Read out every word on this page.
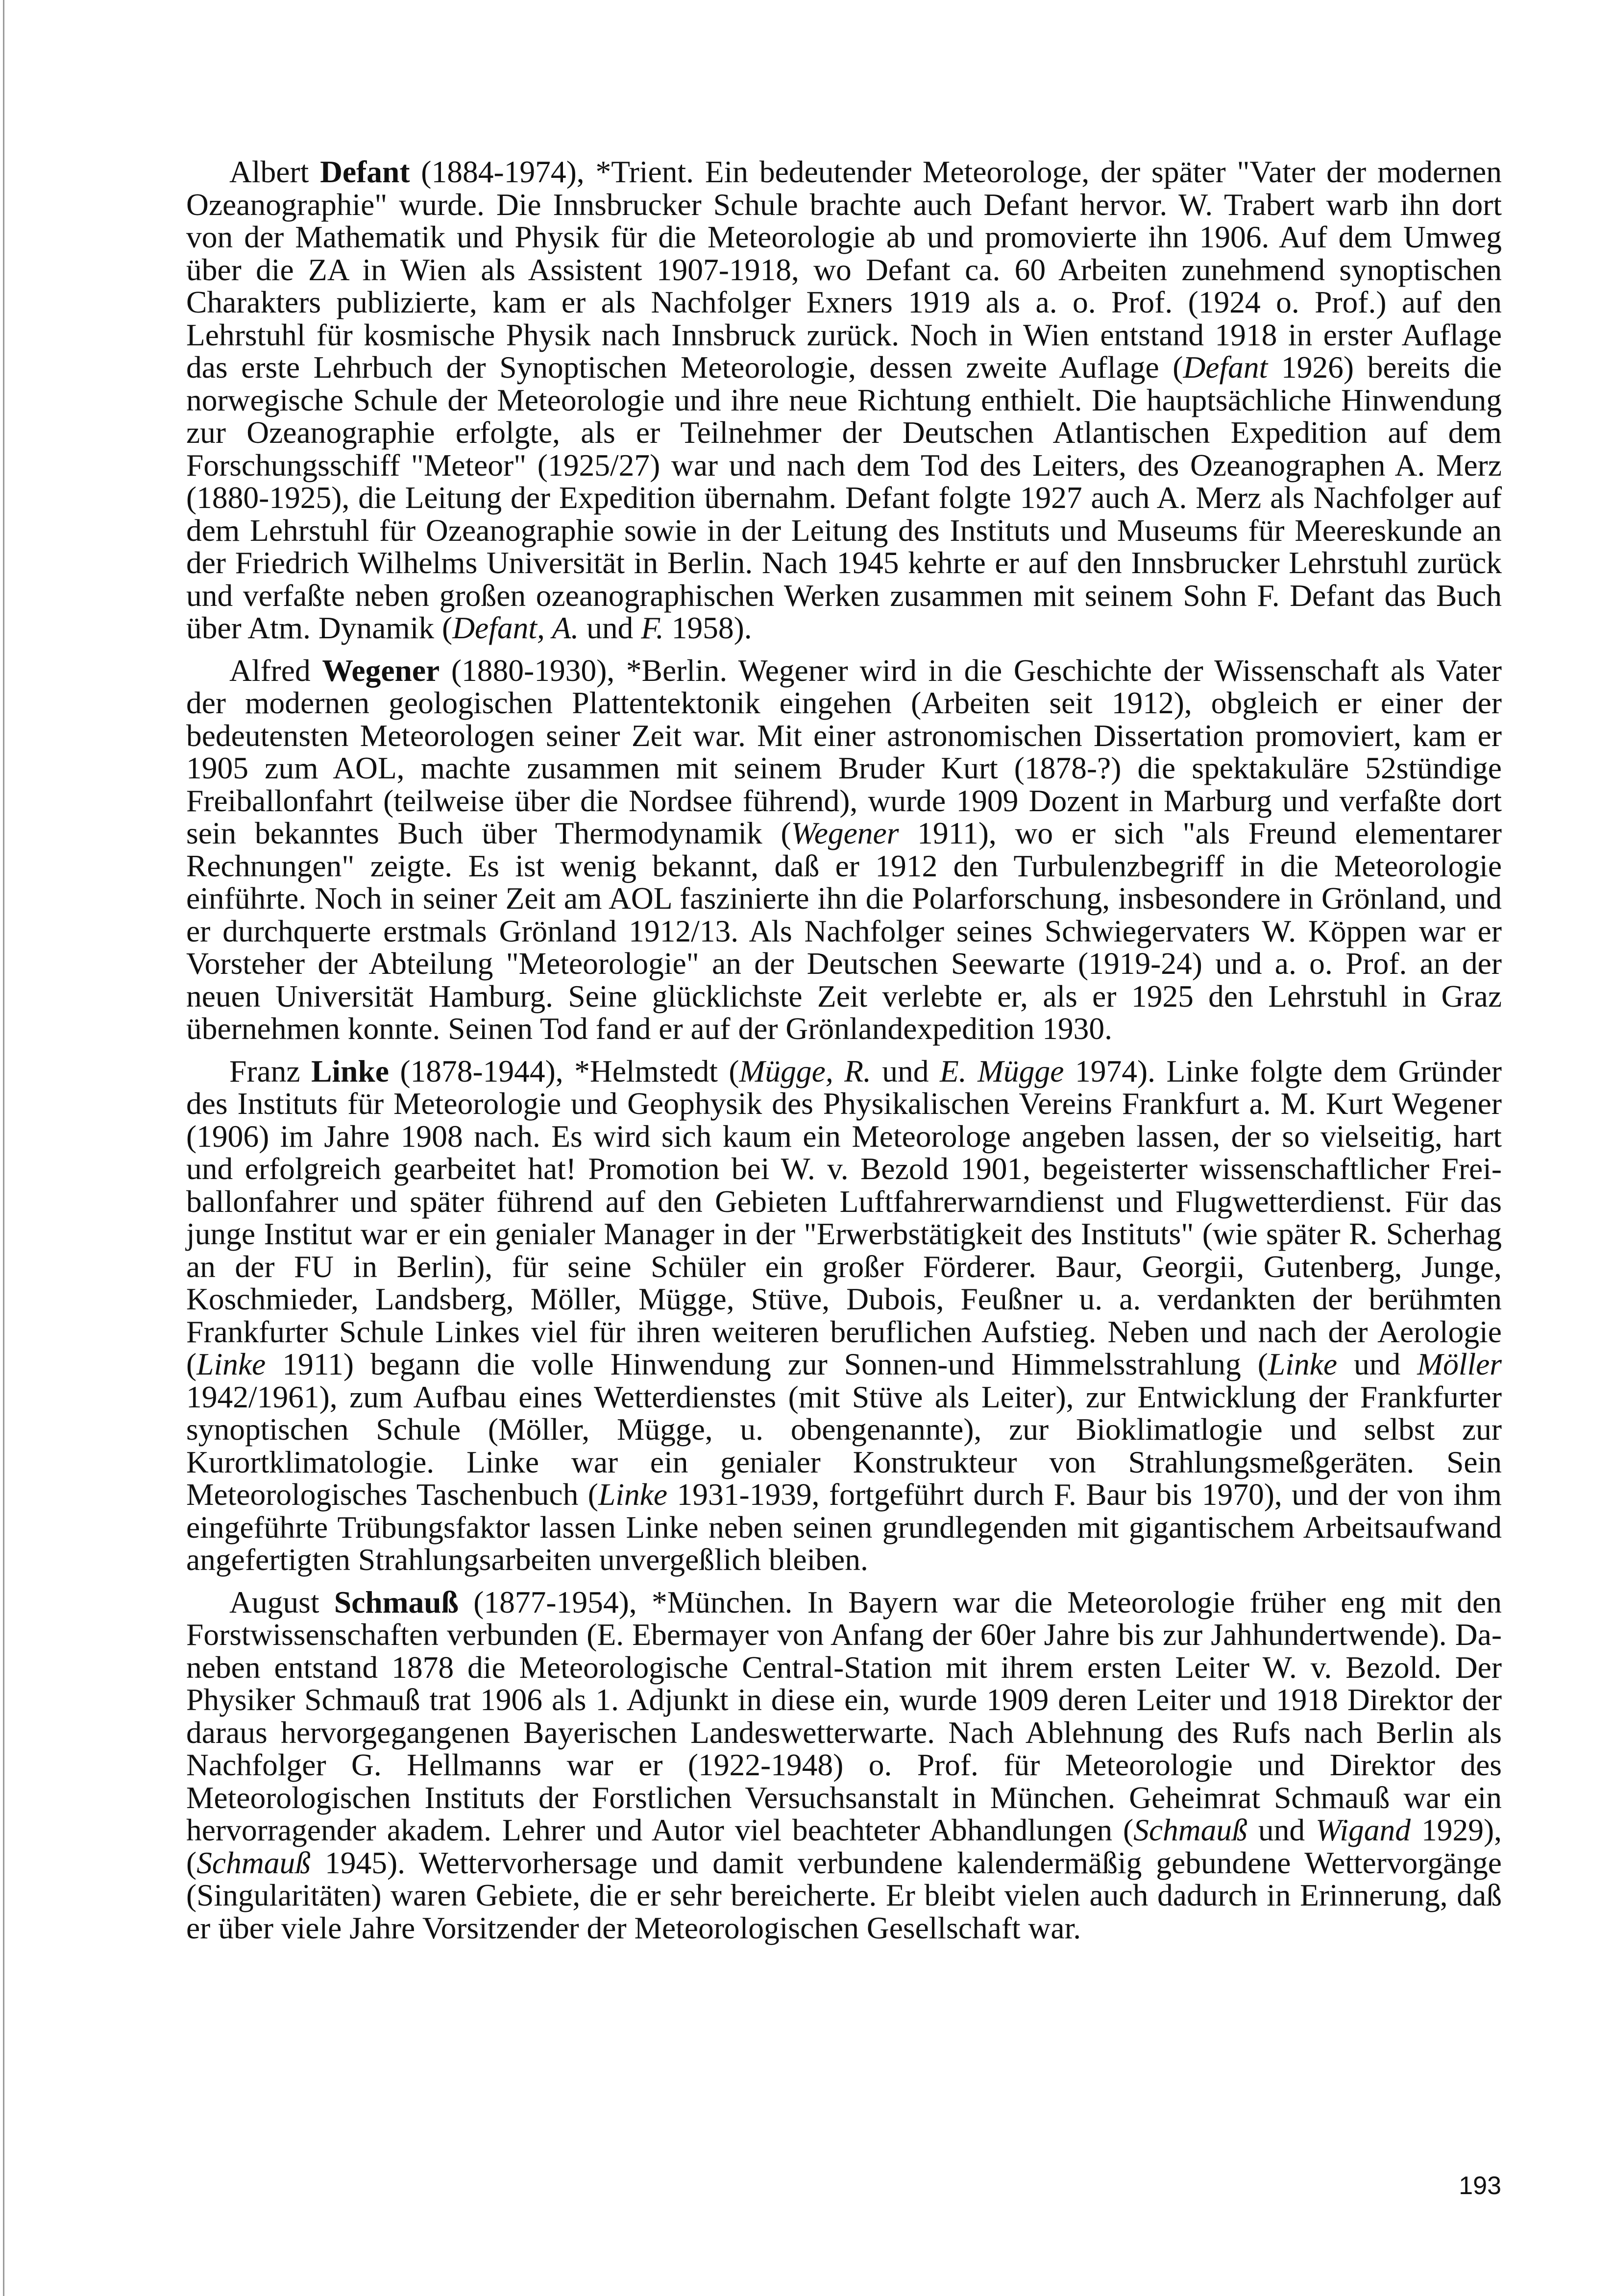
Albert Defant (1884-1974), *Trient. Ein bedeutender Meteorologe, der später "Vater der modernen Ozeanographie" wurde. Die Innsbrucker Schule brachte auch Defant hervor. W. Trabert warb ihn dort von der Mathematik und Physik für die Meteorologie ab und promovierte ihn 1906. Auf dem Umweg über die ZA in Wien als Assistent 1907-1918, wo Defant ca. 60 Arbeiten zunehmend synoptischen Charakters publizierte, kam er als Nachfolger Exners 1919 als a. o. Prof. (1924 o. Prof.) auf den Lehrstuhl für kosmische Physik nach Innsbruck zurück. Noch in Wien entstand 1918 in erster Auflage das erste Lehrbuch der Synoptischen Meteorologie, dessen zweite Auflage (Defant 1926) bereits die norwegische Schule der Meteorologie und ihre neue Richtung enthielt. Die hauptsächliche Hinwendung zur Ozeanographie erfolgte, als er Teilnehmer der Deutschen Atlantischen Expedition auf dem Forschungsschiff "Meteor" (1925/27) war und nach dem Tod des Leiters, des Ozeanographen A. Merz (1880-1925), die Leitung der Expedition übernahm. Defant folgte 1927 auch A. Merz als Nachfolger auf dem Lehrstuhl für Ozeanographie sowie in der Leitung des Instituts und Museums für Meereskunde an der Friedrich Wilhelms Universität in Berlin. Nach 1945 kehrte er auf den Innsbrucker Lehrstuhl zurück und verfaßte neben großen ozeanographischen Werken zusammen mit seinem Sohn F. Defant das Buch über Atm. Dynamik (Defant, A. und F. 1958).

Alfred Wegener (1880-1930), *Berlin. Wegener wird in die Geschichte der Wissenschaft als Vater der modernen geologischen Plattentektonik eingehen (Arbeiten seit 1912), obgleich er einer der bedeutensten Meteorologen seiner Zeit war. Mit einer astronomischen Dissertation promoviert, kam er 1905 zum AOL, machte zusammen mit seinem Bruder Kurt (1878-?) die spektakuläre 52stündige Freiballonfahrt (teilweise über die Nordsee führend), wurde 1909 Dozent in Marburg und verfaßte dort sein bekanntes Buch über Thermodynamik (Wegener 1911), wo er sich "als Freund elementarer Rechnungen" zeigte. Es ist wenig bekannt, daß er 1912 den Turbulenzbegriff in die Meteorologie einführte. Noch in seiner Zeit am AOL faszinierte ihn die Polarforschung, insbesondere in Grönland, und er durchquerte erstmals Grönland 1912/13. Als Nachfolger seines Schwiegervaters W. Köppen war er Vorsteher der Abteilung "Meteorologie" an der Deutschen Seewarte (1919-24) und a. o. Prof. an der neuen Universität Hamburg. Seine glücklichste Zeit verlebte er, als er 1925 den Lehrstuhl in Graz übernehmen konnte. Seinen Tod fand er auf der Grönlandexpedition 1930.

Franz Linke (1878-1944), *Helmstedt (Mügge, R. und E. Mügge 1974). Linke folgte dem Gründer des Instituts für Meteorologie und Geophysik des Physikalischen Vereins Frankfurt a. M. Kurt Wegener (1906) im Jahre 1908 nach. Es wird sich kaum ein Meteorologe angeben lassen, der so vielseitig, hart und erfolgreich gearbeitet hat! Promotion bei W. v. Bezold 1901, begeisterter wissenschaftlicher Freiballonfahrer und später führend auf den Gebieten Luftfahrerwarndienst und Flugwetterdienst. Für das junge Institut war er ein genialer Manager in der "Erwerbstätigkeit des Instituts" (wie später R. Scherhag an der FU in Berlin), für seine Schüler ein großer Förderer. Baur, Georgii, Gutenberg, Junge, Koschmieder, Landsberg, Möller, Mügge, Stüve, Dubois, Feußner u. a. verdankten der berühmten Frankfurter Schule Linkes viel für ihren weiteren beruflichen Aufstieg. Neben und nach der Aerologie (Linke 1911) begann die volle Hinwendung zur Sonnen-und Himmelsstrahlung (Linke und Möller 1942/1961), zum Aufbau eines Wetterdienstes (mit Stüve als Leiter), zur Entwicklung der Frankfurter synoptischen Schule (Möller, Mügge, u. obengenannte), zur Bioklimatlogie und selbst zur Kurortklimatologie. Linke war ein genialer Konstrukteur von Strahlungsmeßgeräten. Sein Meteorologisches Taschenbuch (Linke 1931-1939, fortgeführt durch F. Baur bis 1970), und der von ihm eingeführte Trübungsfaktor lassen Linke neben seinen grundlegenden mit gigantischem Arbeitsaufwand angefertigten Strahlungsarbeiten unvergeßlich bleiben.

August Schmauß (1877-1954), *München. In Bayern war die Meteorologie früher eng mit den Forstwissenschaften verbunden (E. Ebermayer von Anfang der 60er Jahre bis zur Jahhundertwende). Daneben entstand 1878 die Meteorologische Central-Station mit ihrem ersten Leiter W. v. Bezold. Der Physiker Schmauß trat 1906 als 1. Adjunkt in diese ein, wurde 1909 deren Leiter und 1918 Direktor der daraus hervorgegangenen Bayerischen Landeswetterwarte. Nach Ablehnung des Rufs nach Berlin als Nachfolger G. Hellmanns war er (1922-1948) o. Prof. für Meteorologie und Direktor des Meteorologischen Instituts der Forstlichen Versuchsanstalt in München. Geheimrat Schmauß war ein hervorragender akadem. Lehrer und Autor viel beachteter Abhandlungen (Schmauß und Wigand 1929), (Schmauß 1945). Wettervorhersage und damit verbundene kalendermäßig gebundene Wettervorgänge (Singularitäten) waren Gebiete, die er sehr bereicherte. Er bleibt vielen auch dadurch in Erinnerung, daß er über viele Jahre Vorsitzender der Meteorologischen Gesellschaft war.

193
